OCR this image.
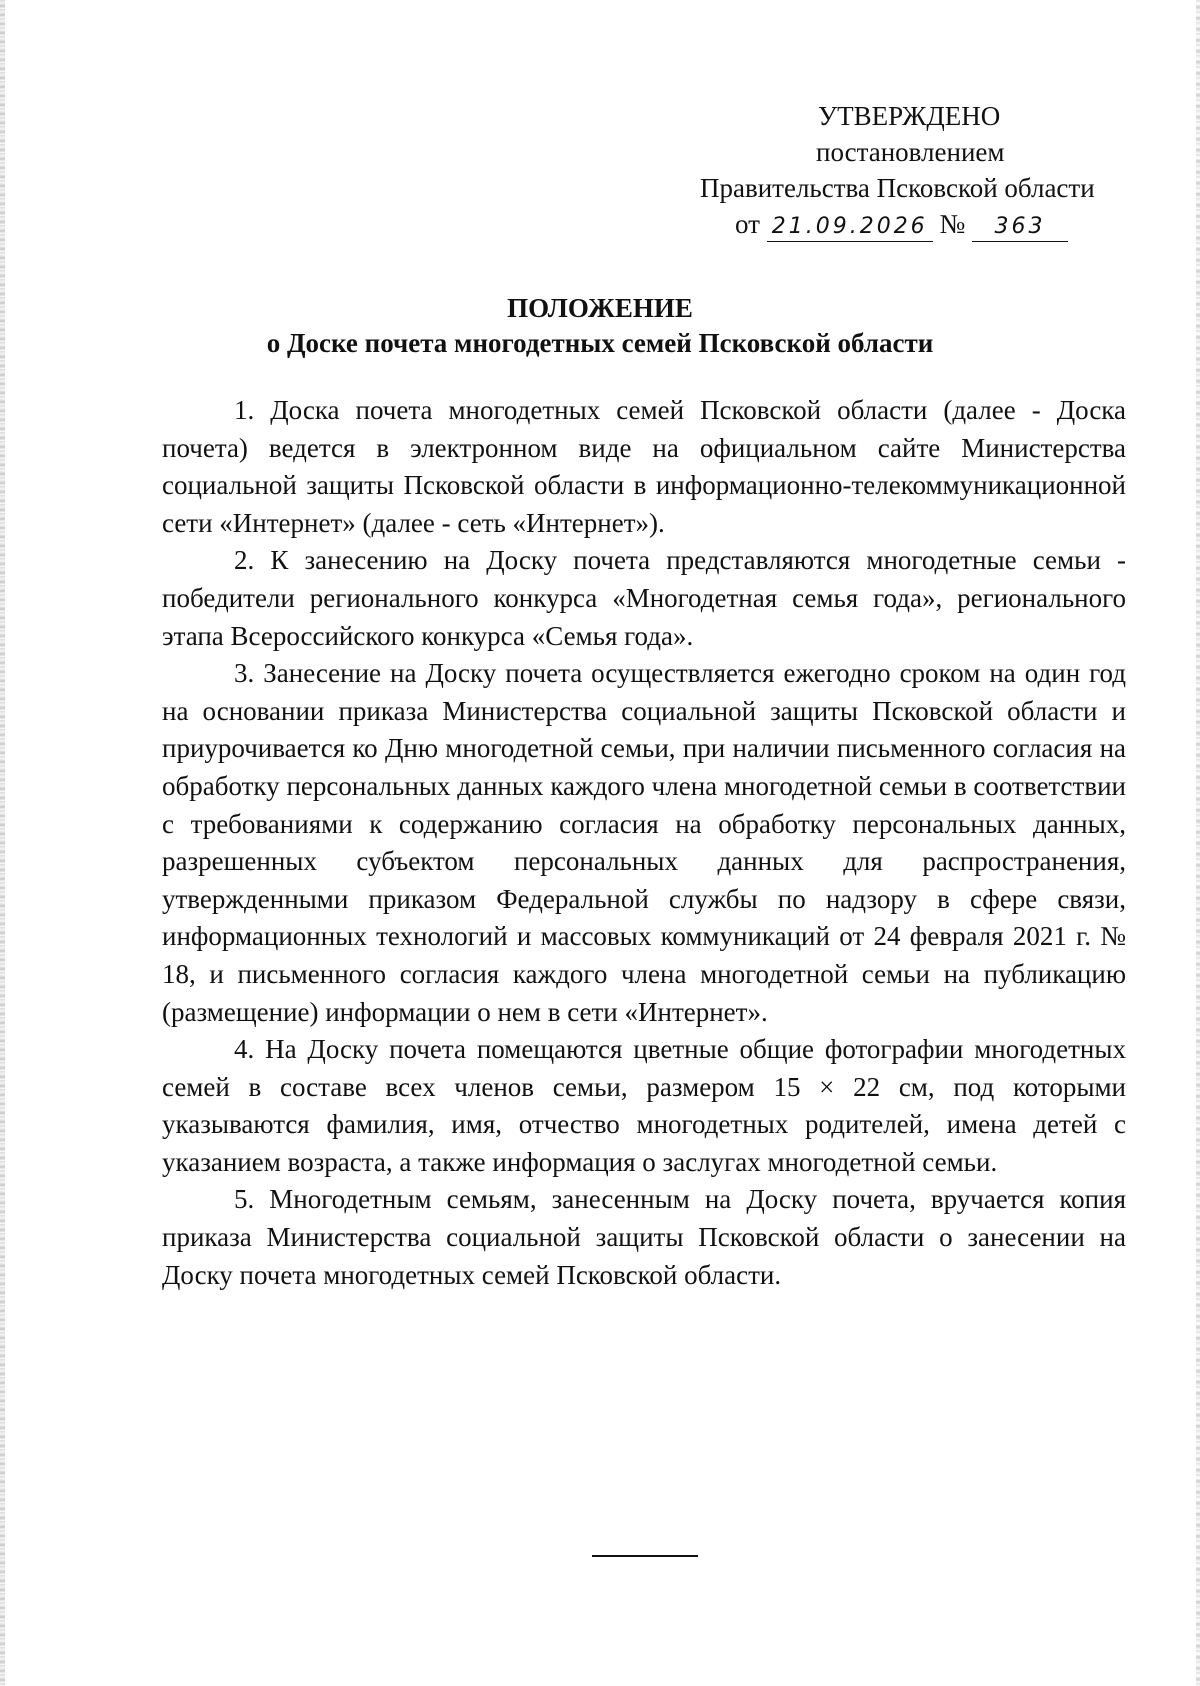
УТВЕРЖДЕНО
постановлением
Правительства Псковской области
от 21.09.2026 № 363
ПОЛОЖЕНИЕ
о Доске почета многодетных семей Псковской области

1. Доска почета многодетных семей Псковской области (далее - Доска почета) ведется в электронном виде на официальном сайте Министерства социальной защиты Псковской области в информационно-телекоммуникационной сети «Интернет» (далее - сеть «Интернет»).

2. К занесению на Доску почета представляются многодетные семьи - победители регионального конкурса «Многодетная семья года», регионального этапа Всероссийского конкурса «Семья года».

3. Занесение на Доску почета осуществляется ежегодно сроком на один год на основании приказа Министерства социальной защиты Псковской области и приурочивается ко Дню многодетной семьи, при наличии письменного согласия на обработку персональных данных каждого члена многодетной семьи в соответствии с требованиями к содержанию согласия на обработку персональных данных, разрешенных субъектом персональных данных для распространения, утвержденными приказом Федеральной службы по надзору в сфере связи, информационных технологий и массовых коммуникаций от 24 февраля 2021 г. № 18, и письменного согласия каждого члена многодетной семьи на публикацию (размещение) информации о нем в сети «Интернет».

4. На Доску почета помещаются цветные общие фотографии многодетных семей в составе всех членов семьи, размером 15 × 22 см, под которыми указываются фамилия, имя, отчество многодетных родителей, имена детей с указанием возраста, а также информация о заслугах многодетной семьи.

5. Многодетным семьям, занесенным на Доску почета, вручается копия приказа Министерства социальной защиты Псковской области о занесении на Доску почета многодетных семей Псковской области.
